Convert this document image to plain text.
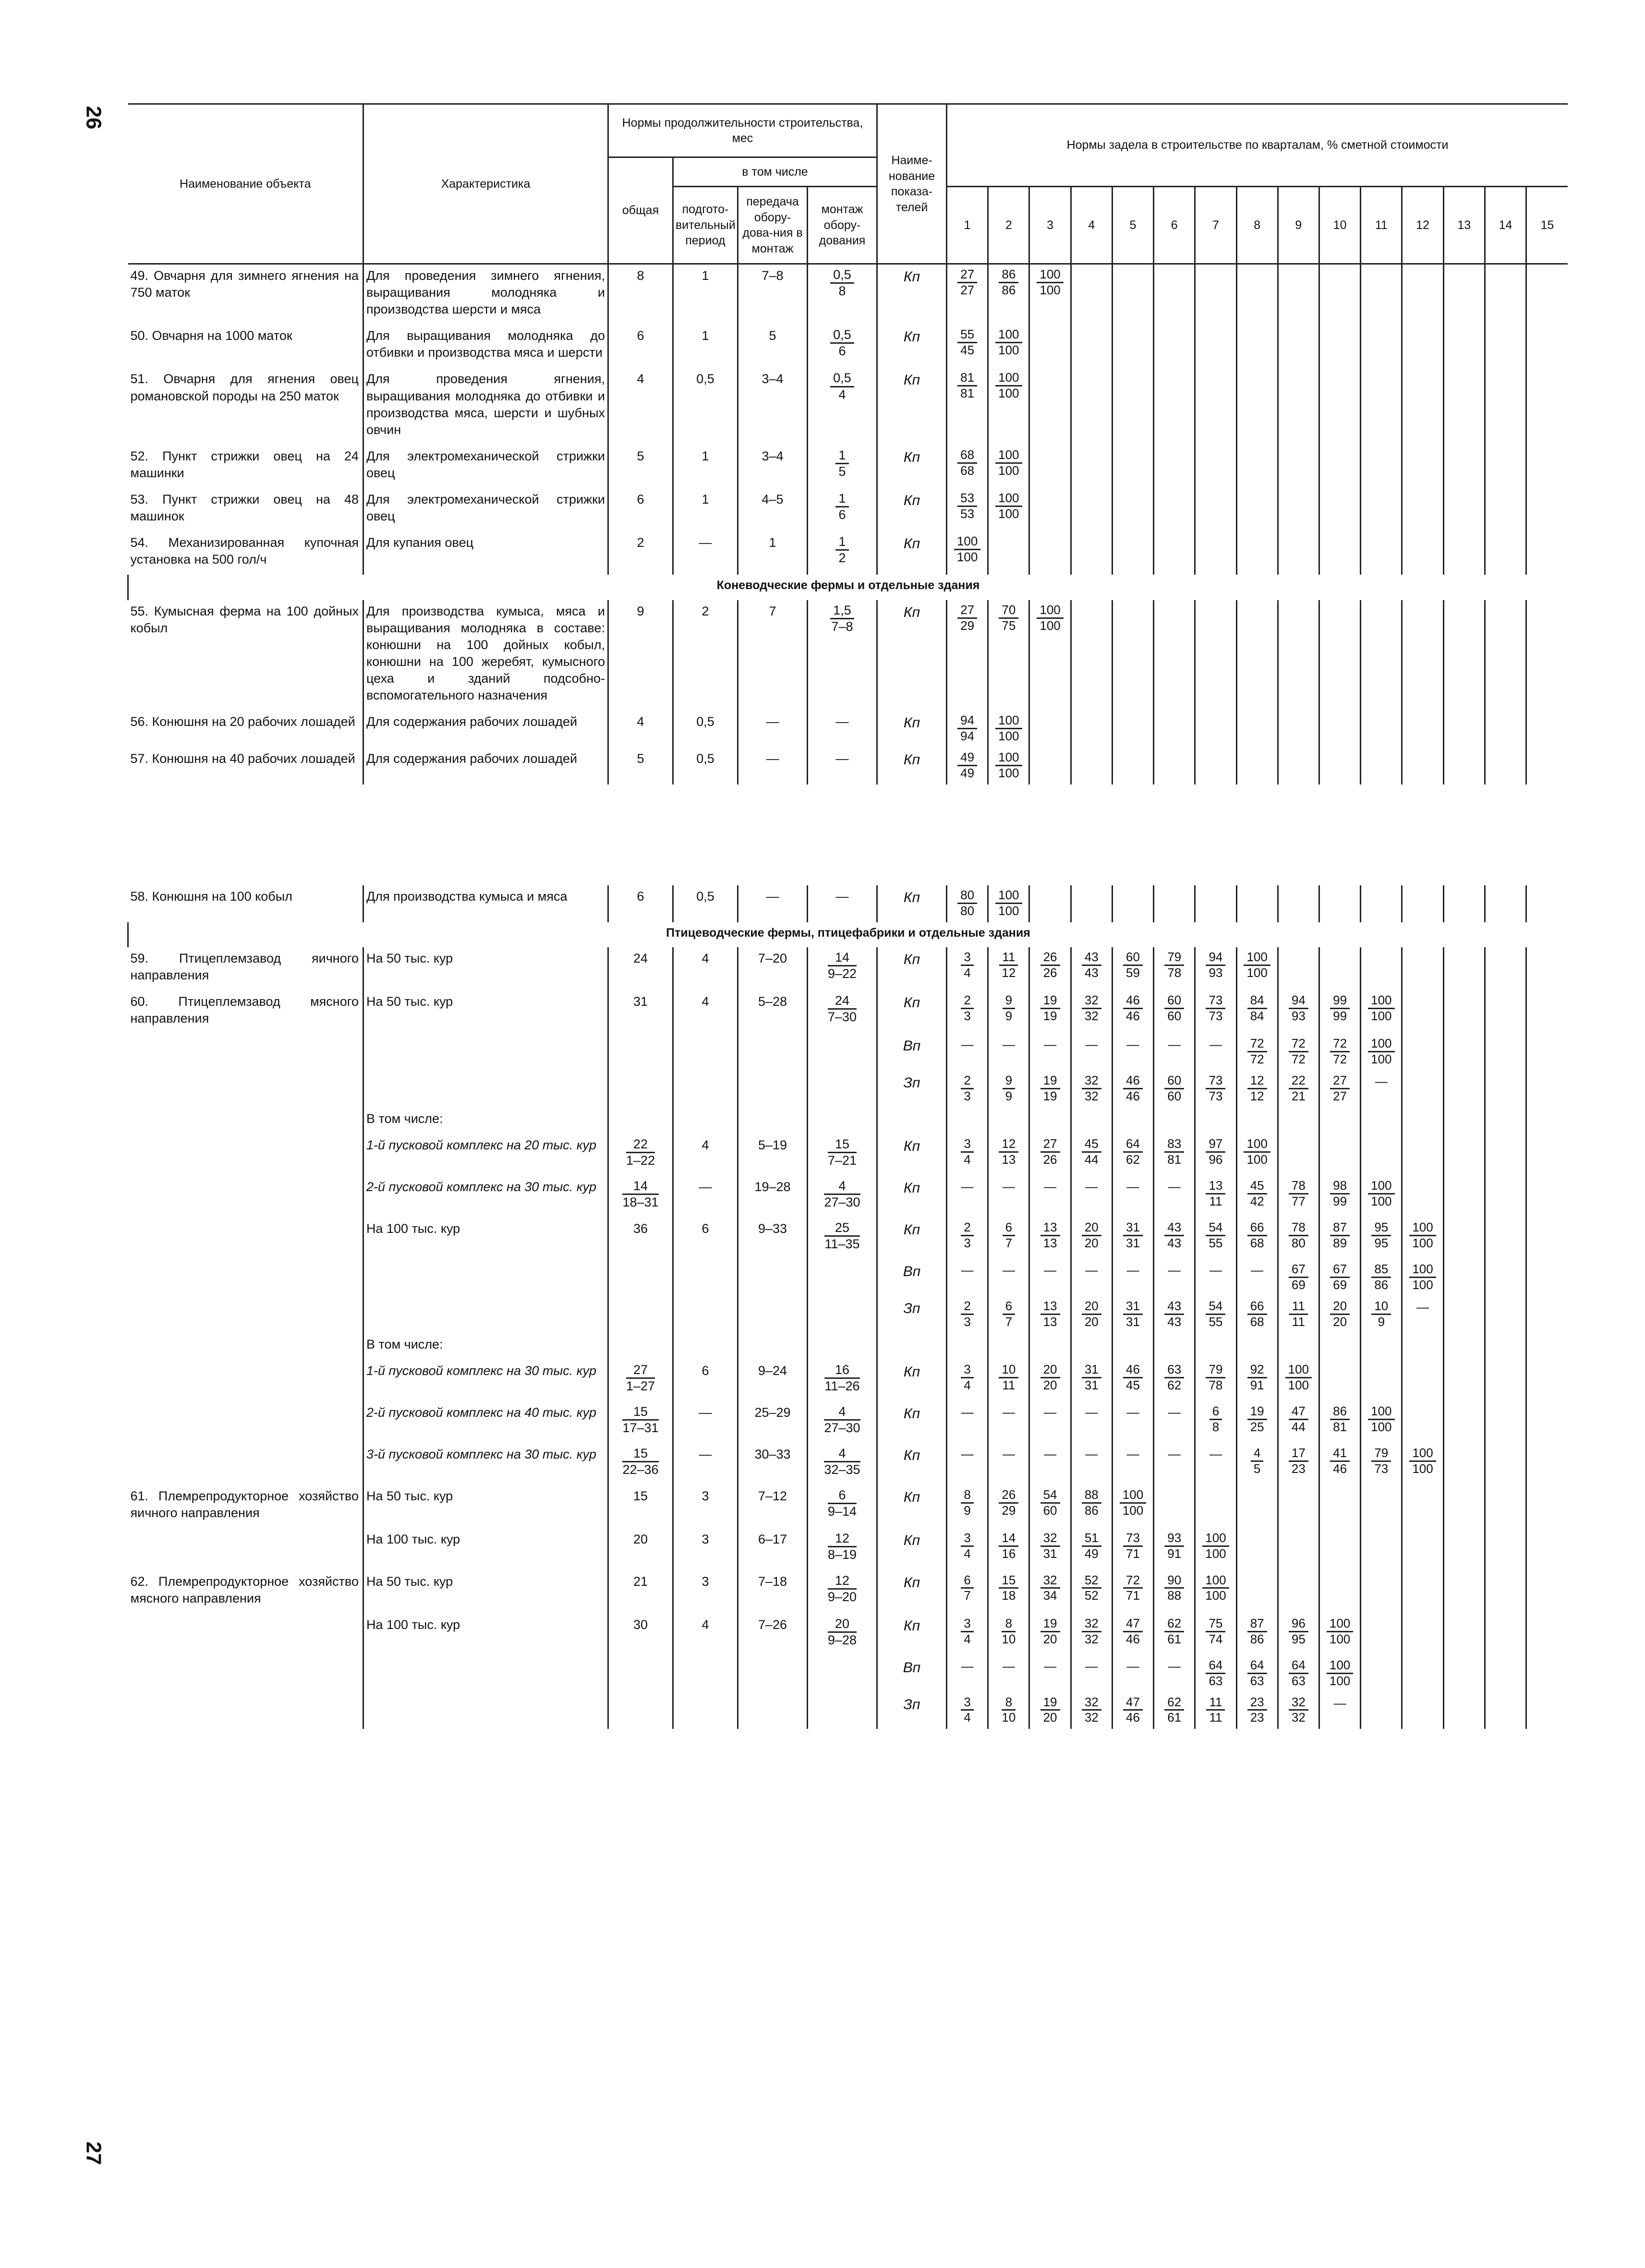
26
27
Наименование объекта	Характеристика	Нормы продолжительности строительства, мес				Наиме-нование показа-телей	Нормы задела в строительстве по кварталам, % сметной стоимости														
		общая	в том числе																		
			подгото-вительный период	передача обору-дова-ния в монтаж	монтаж обору-дования																
							1	2	3	4	5	6	7	8	9	10	11	12	13	14	15
49. Овчарня для зимнего ягнения на 750 маток	Для проведения зимнего ягнения, выращивания молодняка и производства шерсти и мяса	8	1	7–8	$\frac{0,5}{8}$	Кп	$\frac{27}{27}$	$\frac{86}{86}$	$\frac{100}{100}$

50. Овчарня на 1000 маток	Для выращивания молодняка до отбивки и производства мяса и шерсти	6	1	5	$\frac{0,5}{6}$	Кп	$\frac{55}{45}$	$\frac{100}{100}$

51. Овчарня для ягнения овец романовской породы на 250 маток	Для проведения ягнения, выращивания молодняка до отбивки и производства мяса, шерсти и шубных овчин	4	0,5	3–4	$\frac{0,5}{4}$	Кп	$\frac{81}{81}$	$\frac{100}{100}$

52. Пункт стрижки овец на 24 машинки	Для электромеханической стрижки овец	5	1	3–4	$\frac{1}{5}$	Кп	$\frac{68}{68}$	$\frac{100}{100}$

53. Пункт стрижки овец на 48 машинок	Для электромеханической стрижки овец	6	1	4–5	$\frac{1}{6}$	Кп	$\frac{53}{53}$	$\frac{100}{100}$

54. Механизированная купочная установка на 500 гол/ч	Для купания овец	2	—	1	$\frac{1}{2}$	Кп	$\frac{100}{100}$

Коневодческие фермы и отдельные здания																					
55. Кумысная ферма на 100 дойных кобыл	Для производства кумыса, мяса и выращивания молодняка в составе: конюшни на 100 дойных кобыл, конюшни на 100 жеребят, кумысного цеха и зданий подсобно-вспомогательного назначения	9	2	7	$\frac{1,5}{7-8}$	Кп	$\frac{27}{29}$	$\frac{70}{75}$	$\frac{100}{100}$

56. Конюшня на 20 рабочих лошадей	Для содержания рабочих лошадей	4	0,5	—	—	Кп	$\frac{94}{94}$	$\frac{100}{100}$

57. Конюшня на 40 рабочих лошадей	Для содержания рабочих лошадей	5	0,5	—	—	Кп	$\frac{49}{49}$	$\frac{100}{100}$

58. Конюшня на 100 кобыл	Для производства кумыса и мяса	6	0,5	—	—	Кп	$\frac{80}{80}$	$\frac{100}{100}$

Птицеводческие фермы, птицефабрики и отдельные здания																					
59. Птицеплемзавод яичного направления	На 50 тыс. кур	24	4	7–20	$\frac{14}{9-22}$	Кп	$\frac{3}{4}$	$\frac{11}{12}$	$\frac{26}{26}$	$\frac{43}{43}$	$\frac{60}{59}$	$\frac{79}{78}$	$\frac{94}{93}$	$\frac{100}{100}$

60. Птицеплемзавод мясного направления	На 50 тыс. кур	31	4	5–28	$\frac{24}{7-30}$	Кп	$\frac{2}{3}$	$\frac{9}{9}$	$\frac{19}{19}$	$\frac{32}{32}$	$\frac{46}{46}$	$\frac{60}{60}$	$\frac{73}{73}$	$\frac{84}{84}$	$\frac{94}{93}$	$\frac{99}{99}$	$\frac{100}{100}$

						Вп	—	—	—	—	—	—	—	$\frac{72}{72}$	$\frac{72}{72}$	$\frac{72}{72}$	$\frac{100}{100}$

						Зп	$\frac{2}{3}$	$\frac{9}{9}$	$\frac{19}{19}$	$\frac{32}{32}$	$\frac{46}{46}$	$\frac{60}{60}$	$\frac{73}{73}$	$\frac{12}{12}$	$\frac{22}{21}$	$\frac{27}{27}$	—				
	В том числе:																				
	1-й пусковой комплекс на 20 тыс. кур	$\frac{22}{1-22}$	4	5–19	$\frac{15}{7-21}$	Кп	$\frac{3}{4}$	$\frac{12}{13}$	$\frac{27}{26}$	$\frac{45}{44}$	$\frac{64}{62}$	$\frac{83}{81}$	$\frac{97}{96}$	$\frac{100}{100}$

	2-й пусковой комплекс на 30 тыс. кур	$\frac{14}{18-31}$	—	19–28	$\frac{4}{27-30}$	Кп	—	—	—	—	—	—	$\frac{13}{11}$	$\frac{45}{42}$	$\frac{78}{77}$	$\frac{98}{99}$	$\frac{100}{100}$

	На 100 тыс. кур	36	6	9–33	$\frac{25}{11-35}$	Кп	$\frac{2}{3}$	$\frac{6}{7}$	$\frac{13}{13}$	$\frac{20}{20}$	$\frac{31}{31}$	$\frac{43}{43}$	$\frac{54}{55}$	$\frac{66}{68}$	$\frac{78}{80}$	$\frac{87}{89}$	$\frac{95}{95}$	$\frac{100}{100}$

						Вп	—	—	—	—	—	—	—	—	$\frac{67}{69}$	$\frac{67}{69}$	$\frac{85}{86}$	$\frac{100}{100}$

						Зп	$\frac{2}{3}$	$\frac{6}{7}$	$\frac{13}{13}$	$\frac{20}{20}$	$\frac{31}{31}$	$\frac{43}{43}$	$\frac{54}{55}$	$\frac{66}{68}$	$\frac{11}{11}$	$\frac{20}{20}$	$\frac{10}{9}$	—			
	В том числе:																				
	1-й пусковой комплекс на 30 тыс. кур	$\frac{27}{1-27}$	6	9–24	$\frac{16}{11-26}$	Кп	$\frac{3}{4}$	$\frac{10}{11}$	$\frac{20}{20}$	$\frac{31}{31}$	$\frac{46}{45}$	$\frac{63}{62}$	$\frac{79}{78}$	$\frac{92}{91}$	$\frac{100}{100}$

	2-й пусковой комплекс на 40 тыс. кур	$\frac{15}{17-31}$	—	25–29	$\frac{4}{27-30}$	Кп	—	—	—	—	—	—	$\frac{6}{8}$	$\frac{19}{25}$	$\frac{47}{44}$	$\frac{86}{81}$	$\frac{100}{100}$

	3-й пусковой комплекс на 30 тыс. кур	$\frac{15}{22-36}$	—	30–33	$\frac{4}{32-35}$	Кп	—	—	—	—	—	—	—	$\frac{4}{5}$	$\frac{17}{23}$	$\frac{41}{46}$	$\frac{79}{73}$	$\frac{100}{100}$

61. Племрепродукторное хозяйство яичного направления	На 50 тыс. кур	15	3	7–12	$\frac{6}{9-14}$	Кп	$\frac{8}{9}$	$\frac{26}{29}$	$\frac{54}{60}$	$\frac{88}{86}$	$\frac{100}{100}$

	На 100 тыс. кур	20	3	6–17	$\frac{12}{8-19}$	Кп	$\frac{3}{4}$	$\frac{14}{16}$	$\frac{32}{31}$	$\frac{51}{49}$	$\frac{73}{71}$	$\frac{93}{91}$	$\frac{100}{100}$

62. Племрепродукторное хозяйство мясного направления	На 50 тыс. кур	21	3	7–18	$\frac{12}{9-20}$	Кп	$\frac{6}{7}$	$\frac{15}{18}$	$\frac{32}{34}$	$\frac{52}{52}$	$\frac{72}{71}$	$\frac{90}{88}$	$\frac{100}{100}$

	На 100 тыс. кур	30	4	7–26	$\frac{20}{9-28}$	Кп	$\frac{3}{4}$	$\frac{8}{10}$	$\frac{19}{20}$	$\frac{32}{32}$	$\frac{47}{46}$	$\frac{62}{61}$	$\frac{75}{74}$	$\frac{87}{86}$	$\frac{96}{95}$	$\frac{100}{100}$

						Вп	—	—	—	—	—	—	$\frac{64}{63}$	$\frac{64}{63}$	$\frac{64}{63}$	$\frac{100}{100}$

						Зп	$\frac{3}{4}$	$\frac{8}{10}$	$\frac{19}{20}$	$\frac{32}{32}$	$\frac{47}{46}$	$\frac{62}{61}$	$\frac{11}{11}$	$\frac{23}{23}$	$\frac{32}{32}$	—					
